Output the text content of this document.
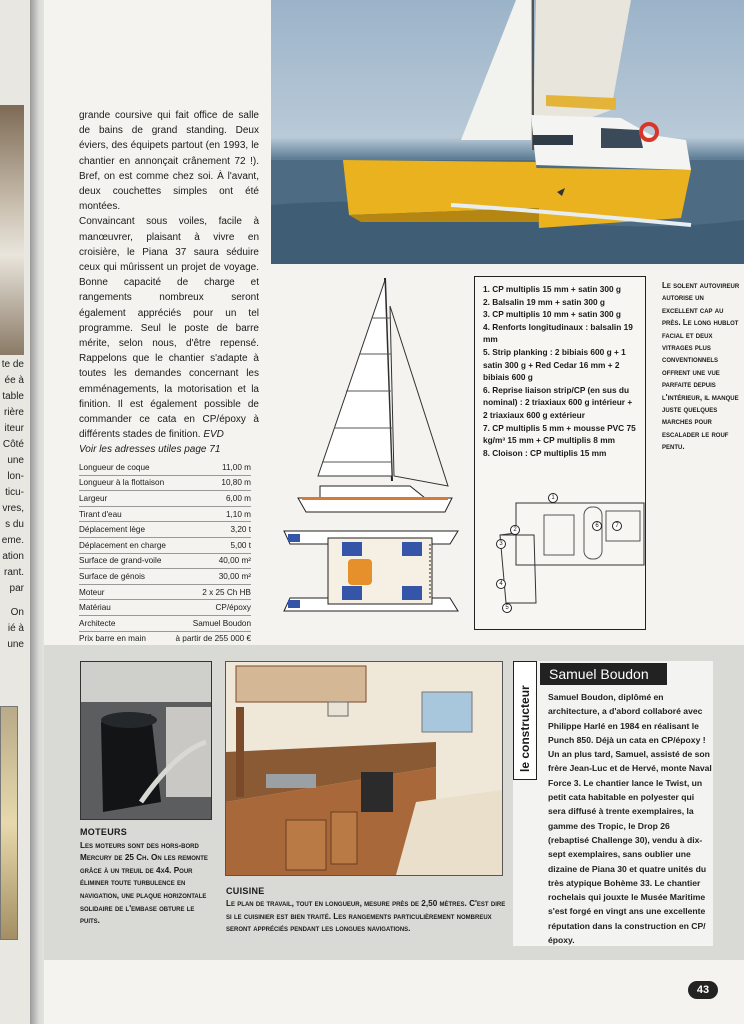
te de
ée à
table
rière
iteur
Côté
une
lon-
ticu-
vres,
s du
eme.
ation
rant.
par
On
ié à
une

grande coursive qui fait office de salle de bains de grand standing. Deux éviers, des équipets partout (en 1993, le chantier en annonçait crânement 72 !). Bref, on est comme chez soi. À l'avant, deux couchettes simples ont été montées.

Convaincant sous voiles, facile à manœuvrer, plaisant à vivre en croisière, le Piana 37 saura séduire ceux qui mûrissent un projet de voyage. Bonne capacité de charge et rangements nombreux seront également appréciés pour un tel programme. Seul le poste de barre mérite, selon nous, d'être repensé. Rappelons que le chantier s'adapte à toutes les demandes concernant les emménagements, la motorisation et la finition. Il est également possible de commander ce cata en CP/époxy à différents stades de finition. EVD

Voir les adresses utiles page 71

Longueur de coque	11,00 m
Longueur à la flottaison	10,80 m
Largeur	6,00 m
Tirant d'eau	1,10 m
Déplacement lège	3,20 t
Déplacement en charge	5,00 t
Surface de grand-voile	40,00 m²
Surface de génois	30,00 m²
Moteur	2 x 25 Ch HB
Matériau	CP/époxy
Architecte	Samuel Boudon
Prix barre en main	à partir de 255 000 €
1. CP multiplis 15 mm + satin 300 g
2. Balsalin 19 mm + satin 300 g
3. CP multiplis 10 mm + satin 300 g
4. Renforts longitudinaux : balsalin 19 mm
5. Strip planking : 2 bibiais 600 g + 1 satin 300 g + Red Cedar 16 mm + 2 bibiais 600 g
6. Reprise liaison strip/CP (en sus du nominal) : 2 triaxiaux 600 g intérieur + 2 triaxiaux 600 g extérieur
7. CP multiplis 5 mm + mousse PVC 75 kg/m³ 15 mm + CP multiplis 8 mm
8. Cloison : CP multiplis 15 mm
1
2
3
4
5
6	7
Le solent autovireur autorise un excellent cap au près. Le long hublot facial et deux vitrages plus conventionnels offrent une vue parfaite depuis l'intérieur, il manque juste quelques marches pour escalader le rouf pentu.
MOTEURS
Les moteurs sont des hors-bord Mercury de 25 Ch. On les remonte grâce à un treuil de 4x4. Pour éliminer toute turbulence en navigation, une plaque horizontale solidaire de l'embase obture le puits.
CUISINE
Le plan de travail, tout en longueur, mesure près de 2,50 mètres. C'est dire si le cuisinier est bien traité. Les rangements particulièrement nombreux seront appréciés pendant les longues navigations.
le constructeur
Samuel Boudon
Samuel Boudon, diplômé en architecture, a d'abord collaboré avec Philippe Harlé en 1984 en réalisant le Punch 850. Déjà un cata en CP/époxy ! Un an plus tard, Samuel, assisté de son frère Jean-Luc et de Hervé, monte Naval Force 3. Le chantier lance le Twist, un petit cata habitable en polyester qui sera diffusé à trente exemplaires, la gamme des Tropic, le Drop 26 (rebaptisé Challenge 30), vendu à dix-sept exemplaires, sans oublier une dizaine de Piana 30 et quatre unités du très atypique Bohème 33. Le chantier rochelais qui jouxte le Musée Maritime s'est forgé en vingt ans une excellente réputation dans la construction en CP/époxy.
43
